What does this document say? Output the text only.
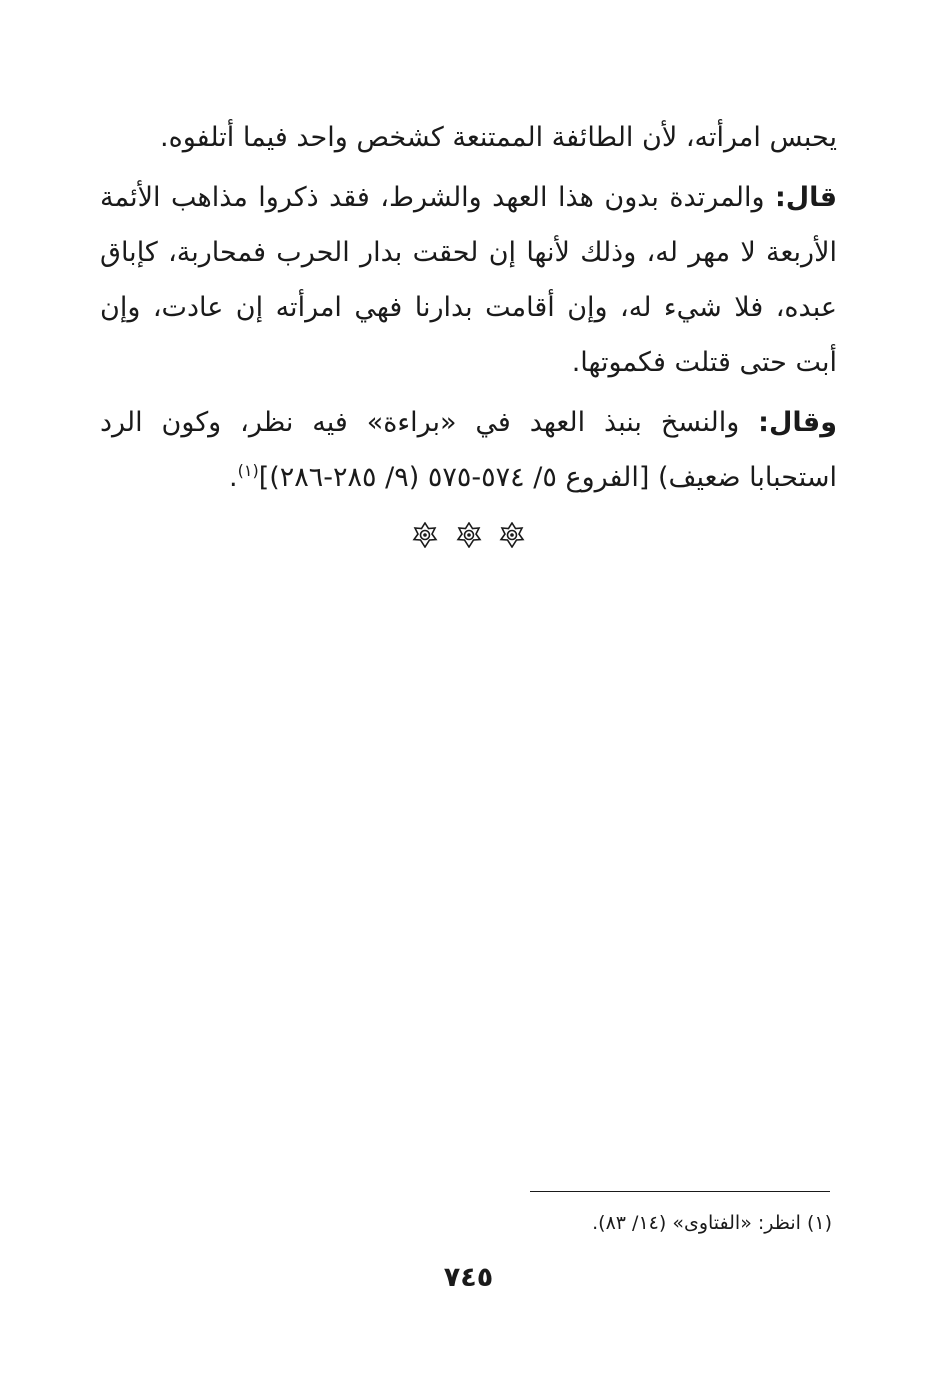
يحبس امرأته، لأن الطائفة الممتنعة كشخص واحد فيما أتلفوه.

قال: والمرتدة بدون هذا العهد والشرط، فقد ذكروا مذاهب الأئمة الأربعة لا مهر له، وذلك لأنها إن لحقت بدار الحرب فمحاربة، كإباق عبده، فلا شيء له، وإن أقامت بدارنا فهي امرأته إن عادت، وإن أبت حتى قتلت فكموتها.

وقال: والنسخ بنبذ العهد في «براءة» فيه نظر، وكون الرد استحبابا ضعيف) [الفروع ٥/ ٥٧٤-٥٧٥ (٩/ ٢٨٥-٢٨٦)]$^{(١)}$.

(١) انظر: «الفتاوى» (١٤/ ٨٣).
٧٤٥
